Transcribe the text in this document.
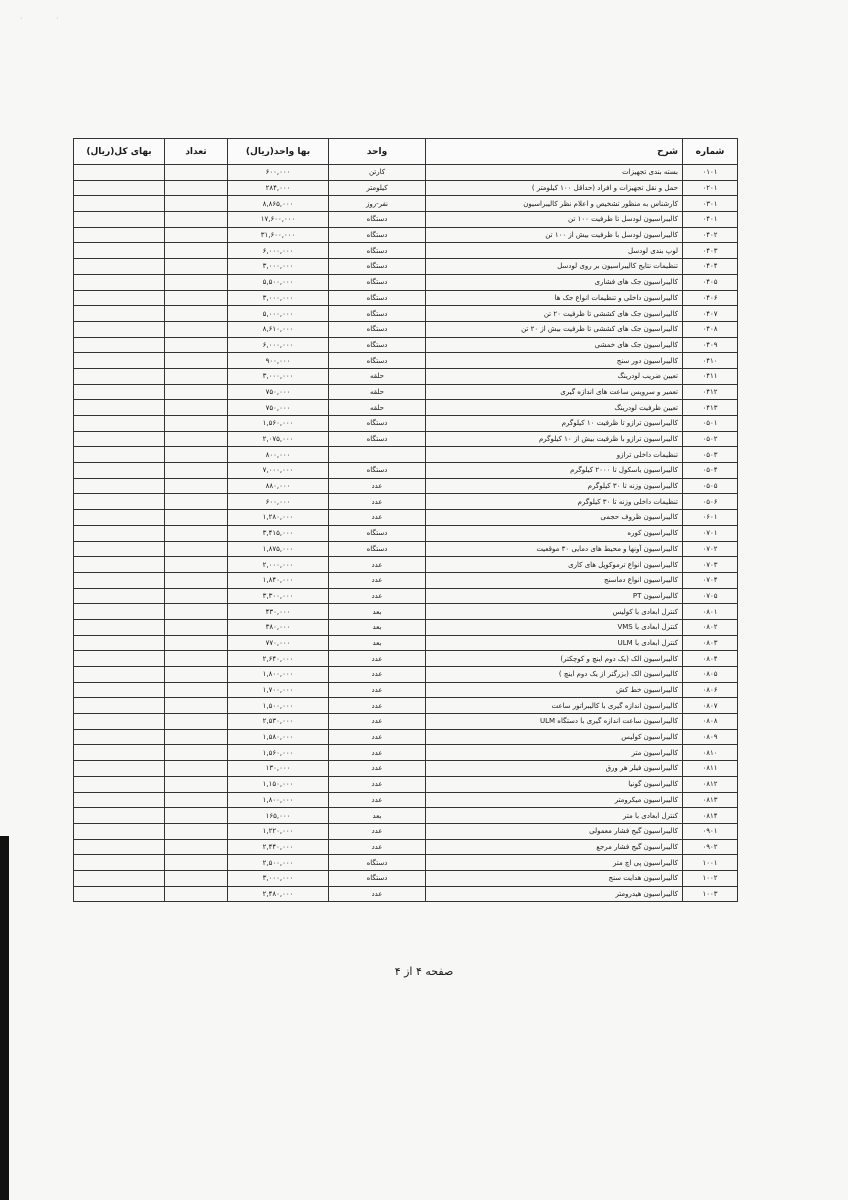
·	·
شماره	شرح	واحد	بها واحد(ریال)	تعداد	بهای کل(ریال)
۰۱۰۱	بسته بندی تجهیزات	کارتن	۶۰۰,۰۰۰		
۰۲۰۱	حمل و نقل تجهیزات و افراد (حداقل ۱۰۰ کیلومتر )	کیلومتر	۲۸۴,۰۰۰		
۰۳۰۱	کارشناس به منظور تشخیص و اعلام نظر کالیبراسیون	نفر-روز	۸,۸۶۵,۰۰۰		
۰۴۰۱	کالیبراسیون لودسل تا ظرفیت ۱۰۰ تن	دستگاه	۱۷,۶۰۰,۰۰۰		
۰۴۰۲	کالیبراسیون لودسل با ظرفیت بیش از ۱۰۰ تن	دستگاه	۳۱,۶۰۰,۰۰۰		
۰۴۰۳	لوپ بندی لودسل	دستگاه	۶,۰۰۰,۰۰۰		
۰۴۰۴	تنظیمات نتایج کالیبراسیون بر روی لودسل	دستگاه	۳,۰۰۰,۰۰۰		
۰۴۰۵	کالیبراسیون جک های فشاری	دستگاه	۵,۵۰۰,۰۰۰		
۰۴۰۶	کالیبراسیون داخلی و تنظیمات انواع جک ها	دستگاه	۳,۰۰۰,۰۰۰		
۰۴۰۷	کالیبراسیون جک های کششی تا ظرفیت ۲۰ تن	دستگاه	۵,۰۰۰,۰۰۰		
۰۴۰۸	کالیبراسیون جک های کششی تا ظرفیت بیش از ۲۰ تن	دستگاه	۸,۶۱۰,۰۰۰		
۰۴۰۹	کالیبراسیون جک های خمشی	دستگاه	۶,۰۰۰,۰۰۰		
۰۴۱۰	کالیبراسیون دور سنج	دستگاه	۹۰۰,۰۰۰		
۰۴۱۱	تعیین ضریب لودرینگ	حلقه	۳,۰۰۰,۰۰۰		
۰۴۱۲	تعمیر و سرویس ساعت های اندازه گیری	حلقه	۷۵۰,۰۰۰		
۰۴۱۳	تعیین ظرفیت لودرینگ	حلقه	۷۵۰,۰۰۰		
۰۵۰۱	کالیبراسیون ترازو تا ظرفیت ۱۰ کیلوگرم	دستگاه	۱,۵۶۰,۰۰۰		
۰۵۰۲	کالیبراسیون ترازو با ظرفیت بیش از ۱۰ کیلوگرم	دستگاه	۲,۰۷۵,۰۰۰		
۰۵۰۳	تنظیمات داخلی ترازو		۸۰۰,۰۰۰		
۰۵۰۴	کالیبراسیون باسکول تا ۲۰۰۰ کیلوگرم	دستگاه	۷,۰۰۰,۰۰۰		
۰۵۰۵	کالیبراسیون وزنه تا ۳۰ کیلوگرم	عدد	۸۸۰,۰۰۰		
۰۵۰۶	تنظیمات داخلی وزنه تا ۳۰ کیلوگرم	عدد	۶۰۰,۰۰۰		
۰۶۰۱	کالیبراسیون ظروف حجمی	عدد	۱,۲۸۰,۰۰۰		
۰۷۰۱	کالیبراسیون کوره	دستگاه	۳,۴۱۵,۰۰۰		
۰۷۰۲	کالیبراسیون آونها و محیط های دمایی ۳۰ موقعیت	دستگاه	۱,۸۷۵,۰۰۰		
۰۷۰۳	کالیبراسیون انواع ترموکوپل های کاری	عدد	۲,۰۰۰,۰۰۰		
۰۷۰۴	کالیبراسیون انواع دماسنج	عدد	۱,۸۴۰,۰۰۰		
۰۷۰۵	کالیبراسیون PT	عدد	۳,۳۰۰,۰۰۰		
۰۸۰۱	کنترل ابعادی با کولیس	بعد	۴۳۰,۰۰۰		
۰۸۰۲	کنترل ابعادی با VMS	بعد	۳۸۰,۰۰۰		
۰۸۰۳	کنترل ابعادی با ULM	بعد	۷۷۰,۰۰۰		
۰۸۰۴	کالیبراسیون الک (یک دوم اینچ و کوچکتر)	عدد	۲,۶۴۰,۰۰۰		
۰۸۰۵	کالیبراسیون الک (بزرگتر از یک دوم اینچ )	عدد	۱,۸۰۰,۰۰۰		
۰۸۰۶	کالیبراسیون خط کش	عدد	۱,۷۰۰,۰۰۰		
۰۸۰۷	کالیبراسیون اندازه گیری با کالیبراتور ساعت	عدد	۱,۵۰۰,۰۰۰		
۰۸۰۸	کالیبراسیون ساعت اندازه گیری با دستگاه ULM	عدد	۲,۵۳۰,۰۰۰		
۰۸۰۹	کالیبراسیون کولیس	عدد	۱,۵۸۰,۰۰۰		
۰۸۱۰	کالیبراسیون متر	عدد	۱,۵۶۰,۰۰۰		
۰۸۱۱	کالیبراسیون فیلر هر ورق	عدد	۱۳۰,۰۰۰		
۰۸۱۲	کالیبراسیون گونیا	عدد	۱,۱۵۰,۰۰۰		
۰۸۱۳	کالیبراسیون میکرومتر	عدد	۱,۸۰۰,۰۰۰		
۰۸۱۴	کنترل ابعادی با متر	بعد	۱۶۵,۰۰۰		
۰۹۰۱	کالیبراسیون گیج فشار معمولی	عدد	۱,۲۲۰,۰۰۰		
۰۹۰۲	کالیبراسیون گیج فشار مرجع	عدد	۲,۴۴۰,۰۰۰		
۱۰۰۱	کالیبراسیون پی اچ متر	دستگاه	۲,۵۰۰,۰۰۰		
۱۰۰۲	کالیبراسیون هدایت سنج	دستگاه	۳,۰۰۰,۰۰۰		
۱۰۰۳	کالیبراسیون هیدرومتر	عدد	۲,۴۸۰,۰۰۰		
صفحه ۴ از ۴
